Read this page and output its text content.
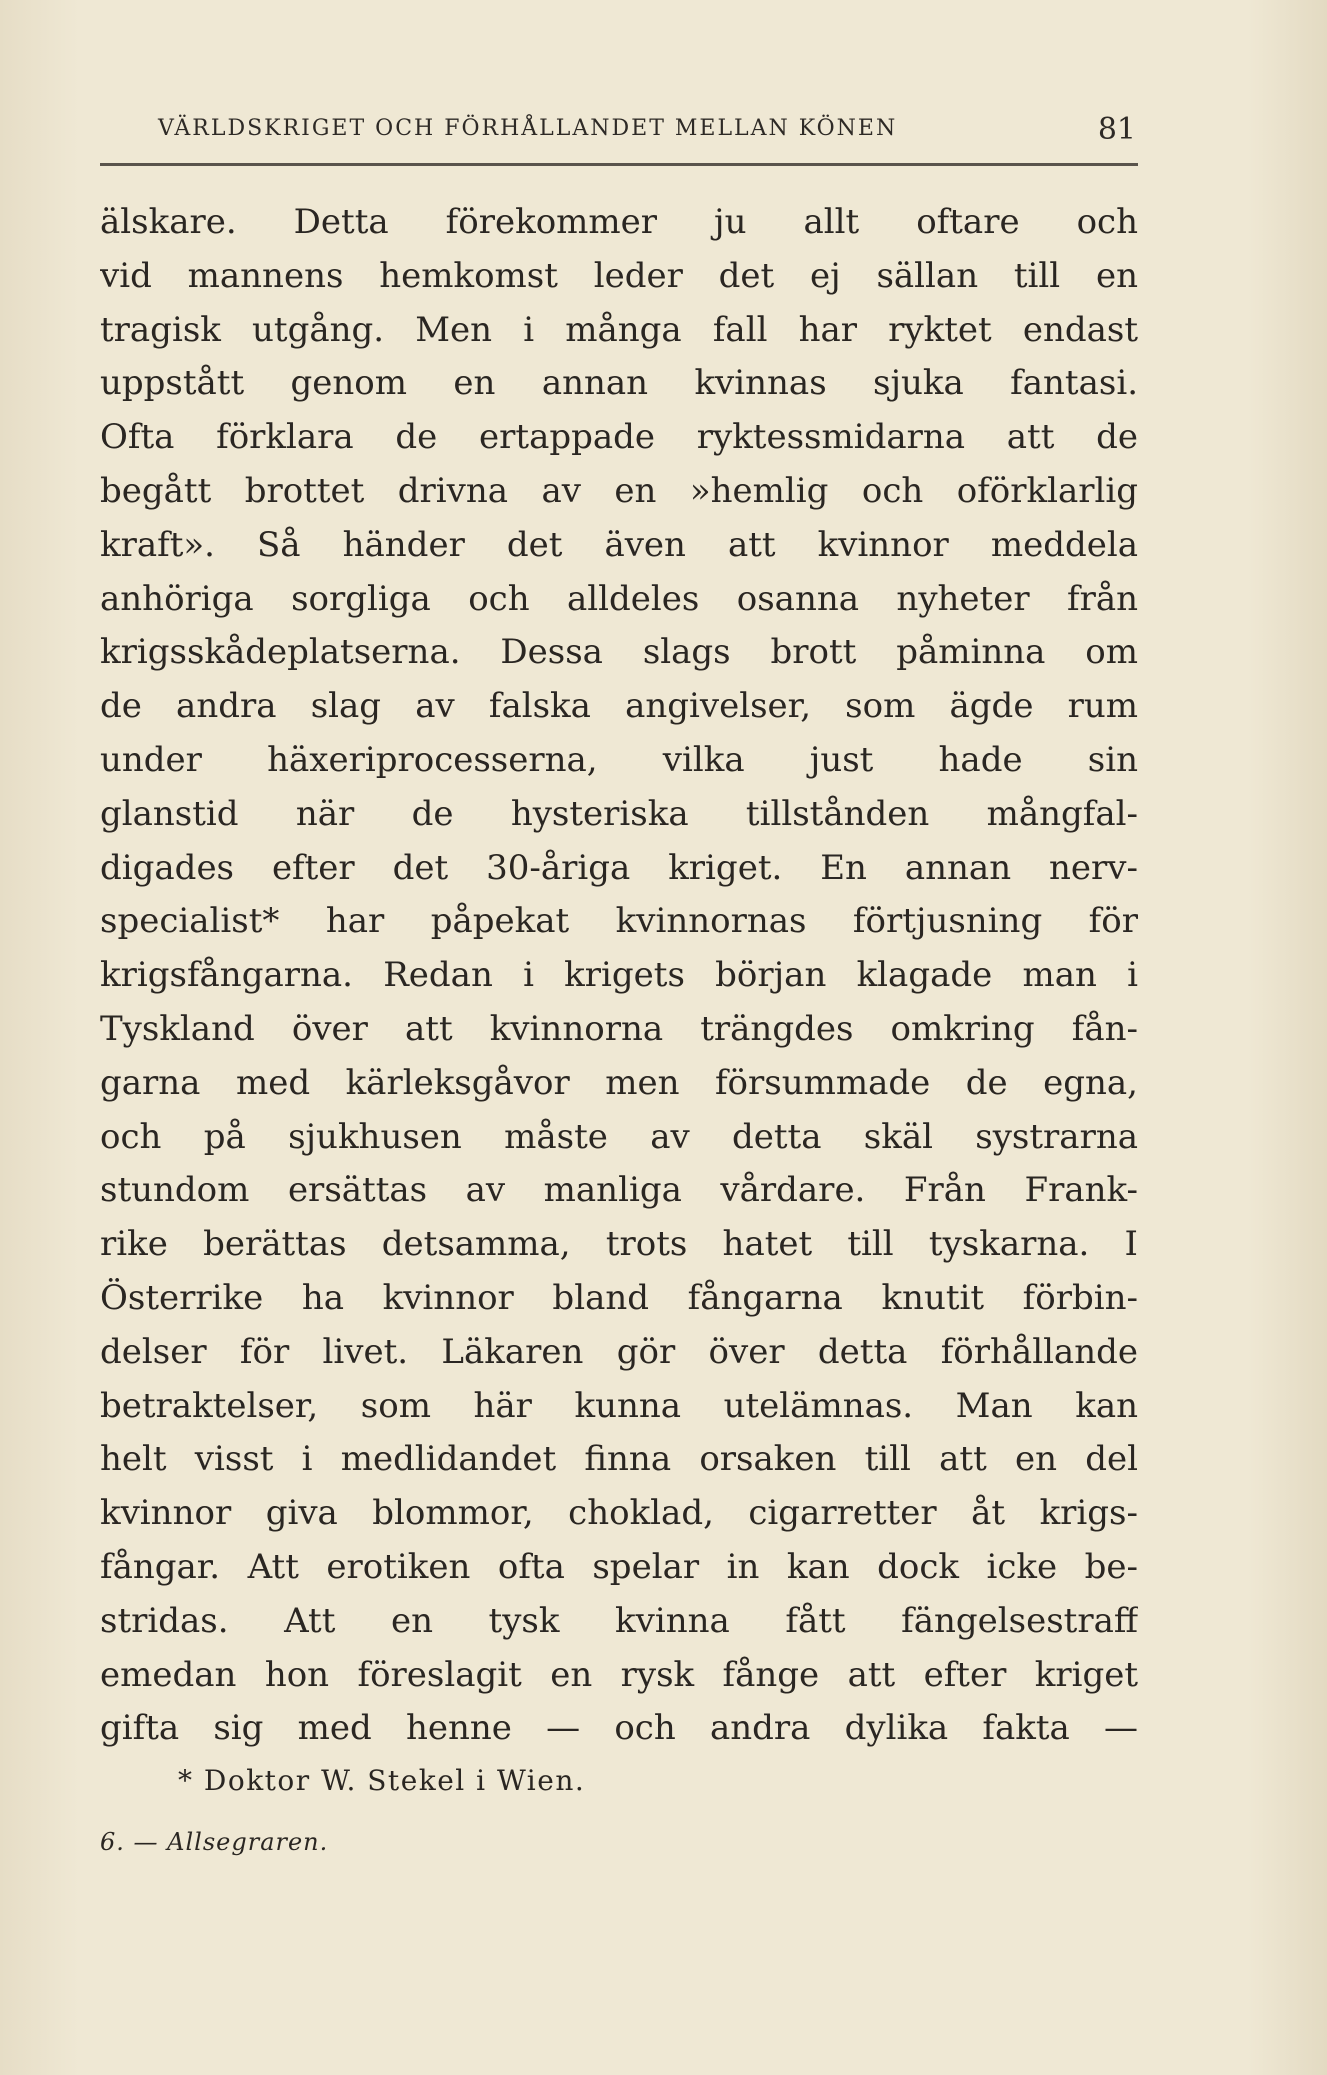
VÄRLDSKRIGET OCH FÖRHÅLLANDET MELLAN KÖNEN	81
älskare. Detta förekommer ju allt oftare och
vid mannens hemkomst leder det ej sällan till en
tragisk utgång. Men i många fall har ryktet endast
uppstått genom en annan kvinnas sjuka fantasi.
Ofta förklara de ertappade ryktessmidarna att de
begått brottet drivna av en »hemlig och oförklarlig
kraft». Så händer det även att kvinnor meddela
anhöriga sorgliga och alldeles osanna nyheter från
krigsskådeplatserna. Dessa slags brott påminna om
de andra slag av falska angivelser, som ägde rum
under häxeriprocesserna, vilka just hade sin
glanstid när de hysteriska tillstånden mångfal-
digades efter det 30-åriga kriget. En annan nerv-
specialist* har påpekat kvinnornas förtjusning för
krigsfångarna. Redan i krigets början klagade man i
Tyskland över att kvinnorna trängdes omkring fån-
garna med kärleksgåvor men försummade de egna,
och på sjukhusen måste av detta skäl systrarna
stundom ersättas av manliga vårdare. Från Frank-
rike berättas detsamma, trots hatet till tyskarna. I
Österrike ha kvinnor bland fångarna knutit förbin-
delser för livet. Läkaren gör över detta förhållande
betraktelser, som här kunna utelämnas. Man kan
helt visst i medlidandet finna orsaken till att en del
kvinnor giva blommor, choklad, cigarretter åt krigs-
fångar. Att erotiken ofta spelar in kan dock icke be-
stridas. Att en tysk kvinna fått fängelsestraff
emedan hon föreslagit en rysk fånge att efter kriget
gifta sig med henne — och andra dylika fakta —
* Doktor W. Stekel i Wien.
6. — Allsegraren.
